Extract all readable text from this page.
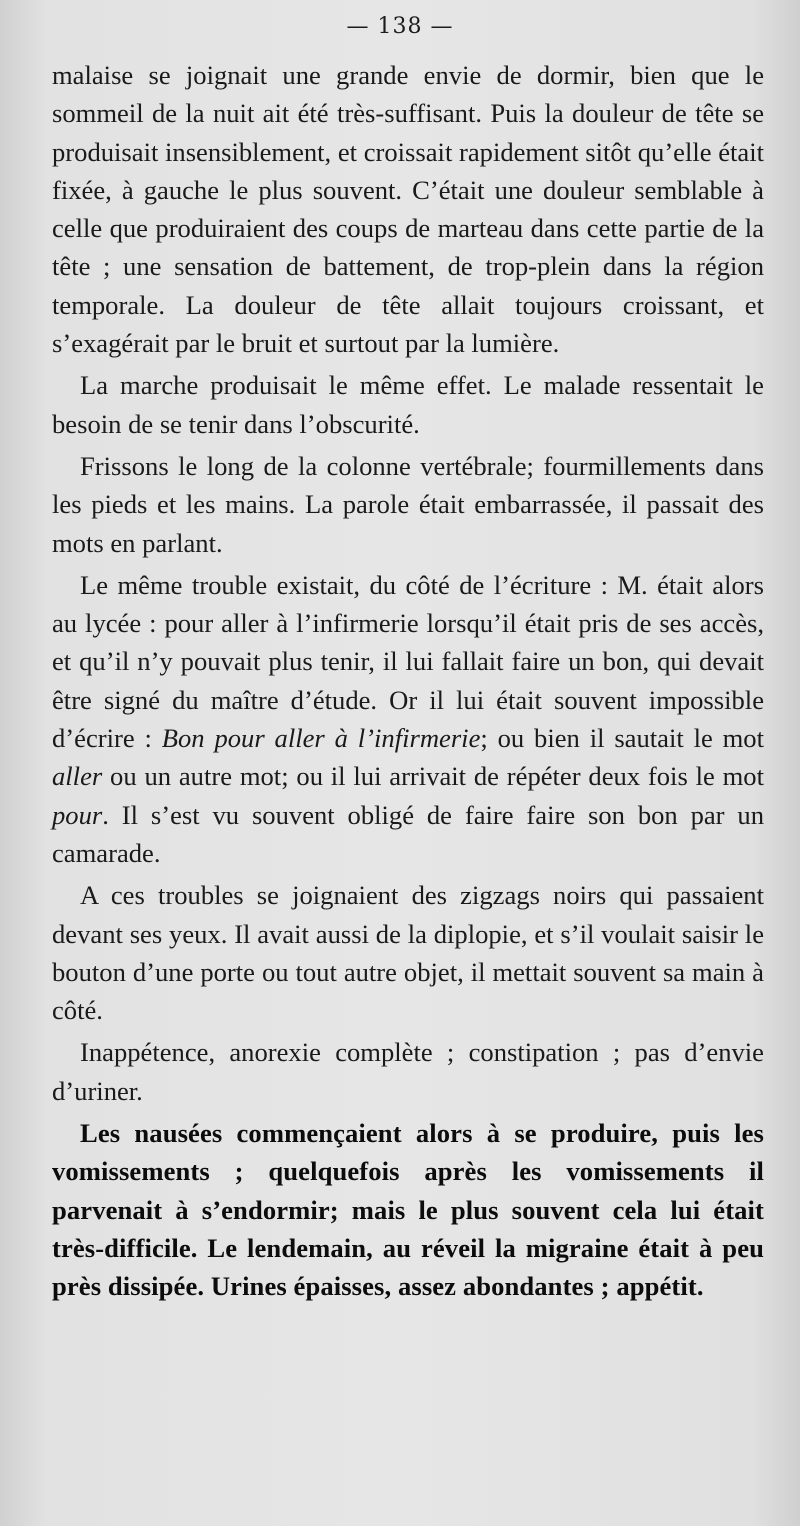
— 138 —

malaise se joignait une grande envie de dormir, bien que le sommeil de la nuit ait été très-suffisant. Puis la douleur de tête se produisait insensiblement, et croissait rapidement sitôt qu’elle était fixée, à gauche le plus souvent. C’était une douleur semblable à celle que produiraient des coups de marteau dans cette partie de la tête ; une sensation de battement, de trop-plein dans la région temporale. La douleur de tête allait toujours croissant, et s’exagérait par le bruit et surtout par la lumière.

La marche produisait le même effet. Le malade ressentait le besoin de se tenir dans l’obscurité.

Frissons le long de la colonne vertébrale; fourmillements dans les pieds et les mains. La parole était embarrassée, il passait des mots en parlant.

Le même trouble existait, du côté de l’écriture : M. était alors au lycée : pour aller à l’infirmerie lorsqu’il était pris de ses accès, et qu’il n’y pouvait plus tenir, il lui fallait faire un bon, qui devait être signé du maître d’étude. Or il lui était souvent impossible d’écrire : Bon pour aller à l’infirmerie; ou bien il sautait le mot aller ou un autre mot; ou il lui arrivait de répéter deux fois le mot pour. Il s’est vu souvent obligé de faire faire son bon par un camarade.

A ces troubles se joignaient des zigzags noirs qui passaient devant ses yeux. Il avait aussi de la diplopie, et s’il voulait saisir le bouton d’une porte ou tout autre objet, il mettait souvent sa main à côté.

Inappétence, anorexie complète ; constipation ; pas d’envie d’uriner.

Les nausées commençaient alors à se produire, puis les vomissements ; quelquefois après les vomissements il parvenait à s’endormir; mais le plus souvent cela lui était très-difficile. Le lendemain, au réveil la migraine était à peu près dissipée. Urines épaisses, assez abondantes ; appétit.
